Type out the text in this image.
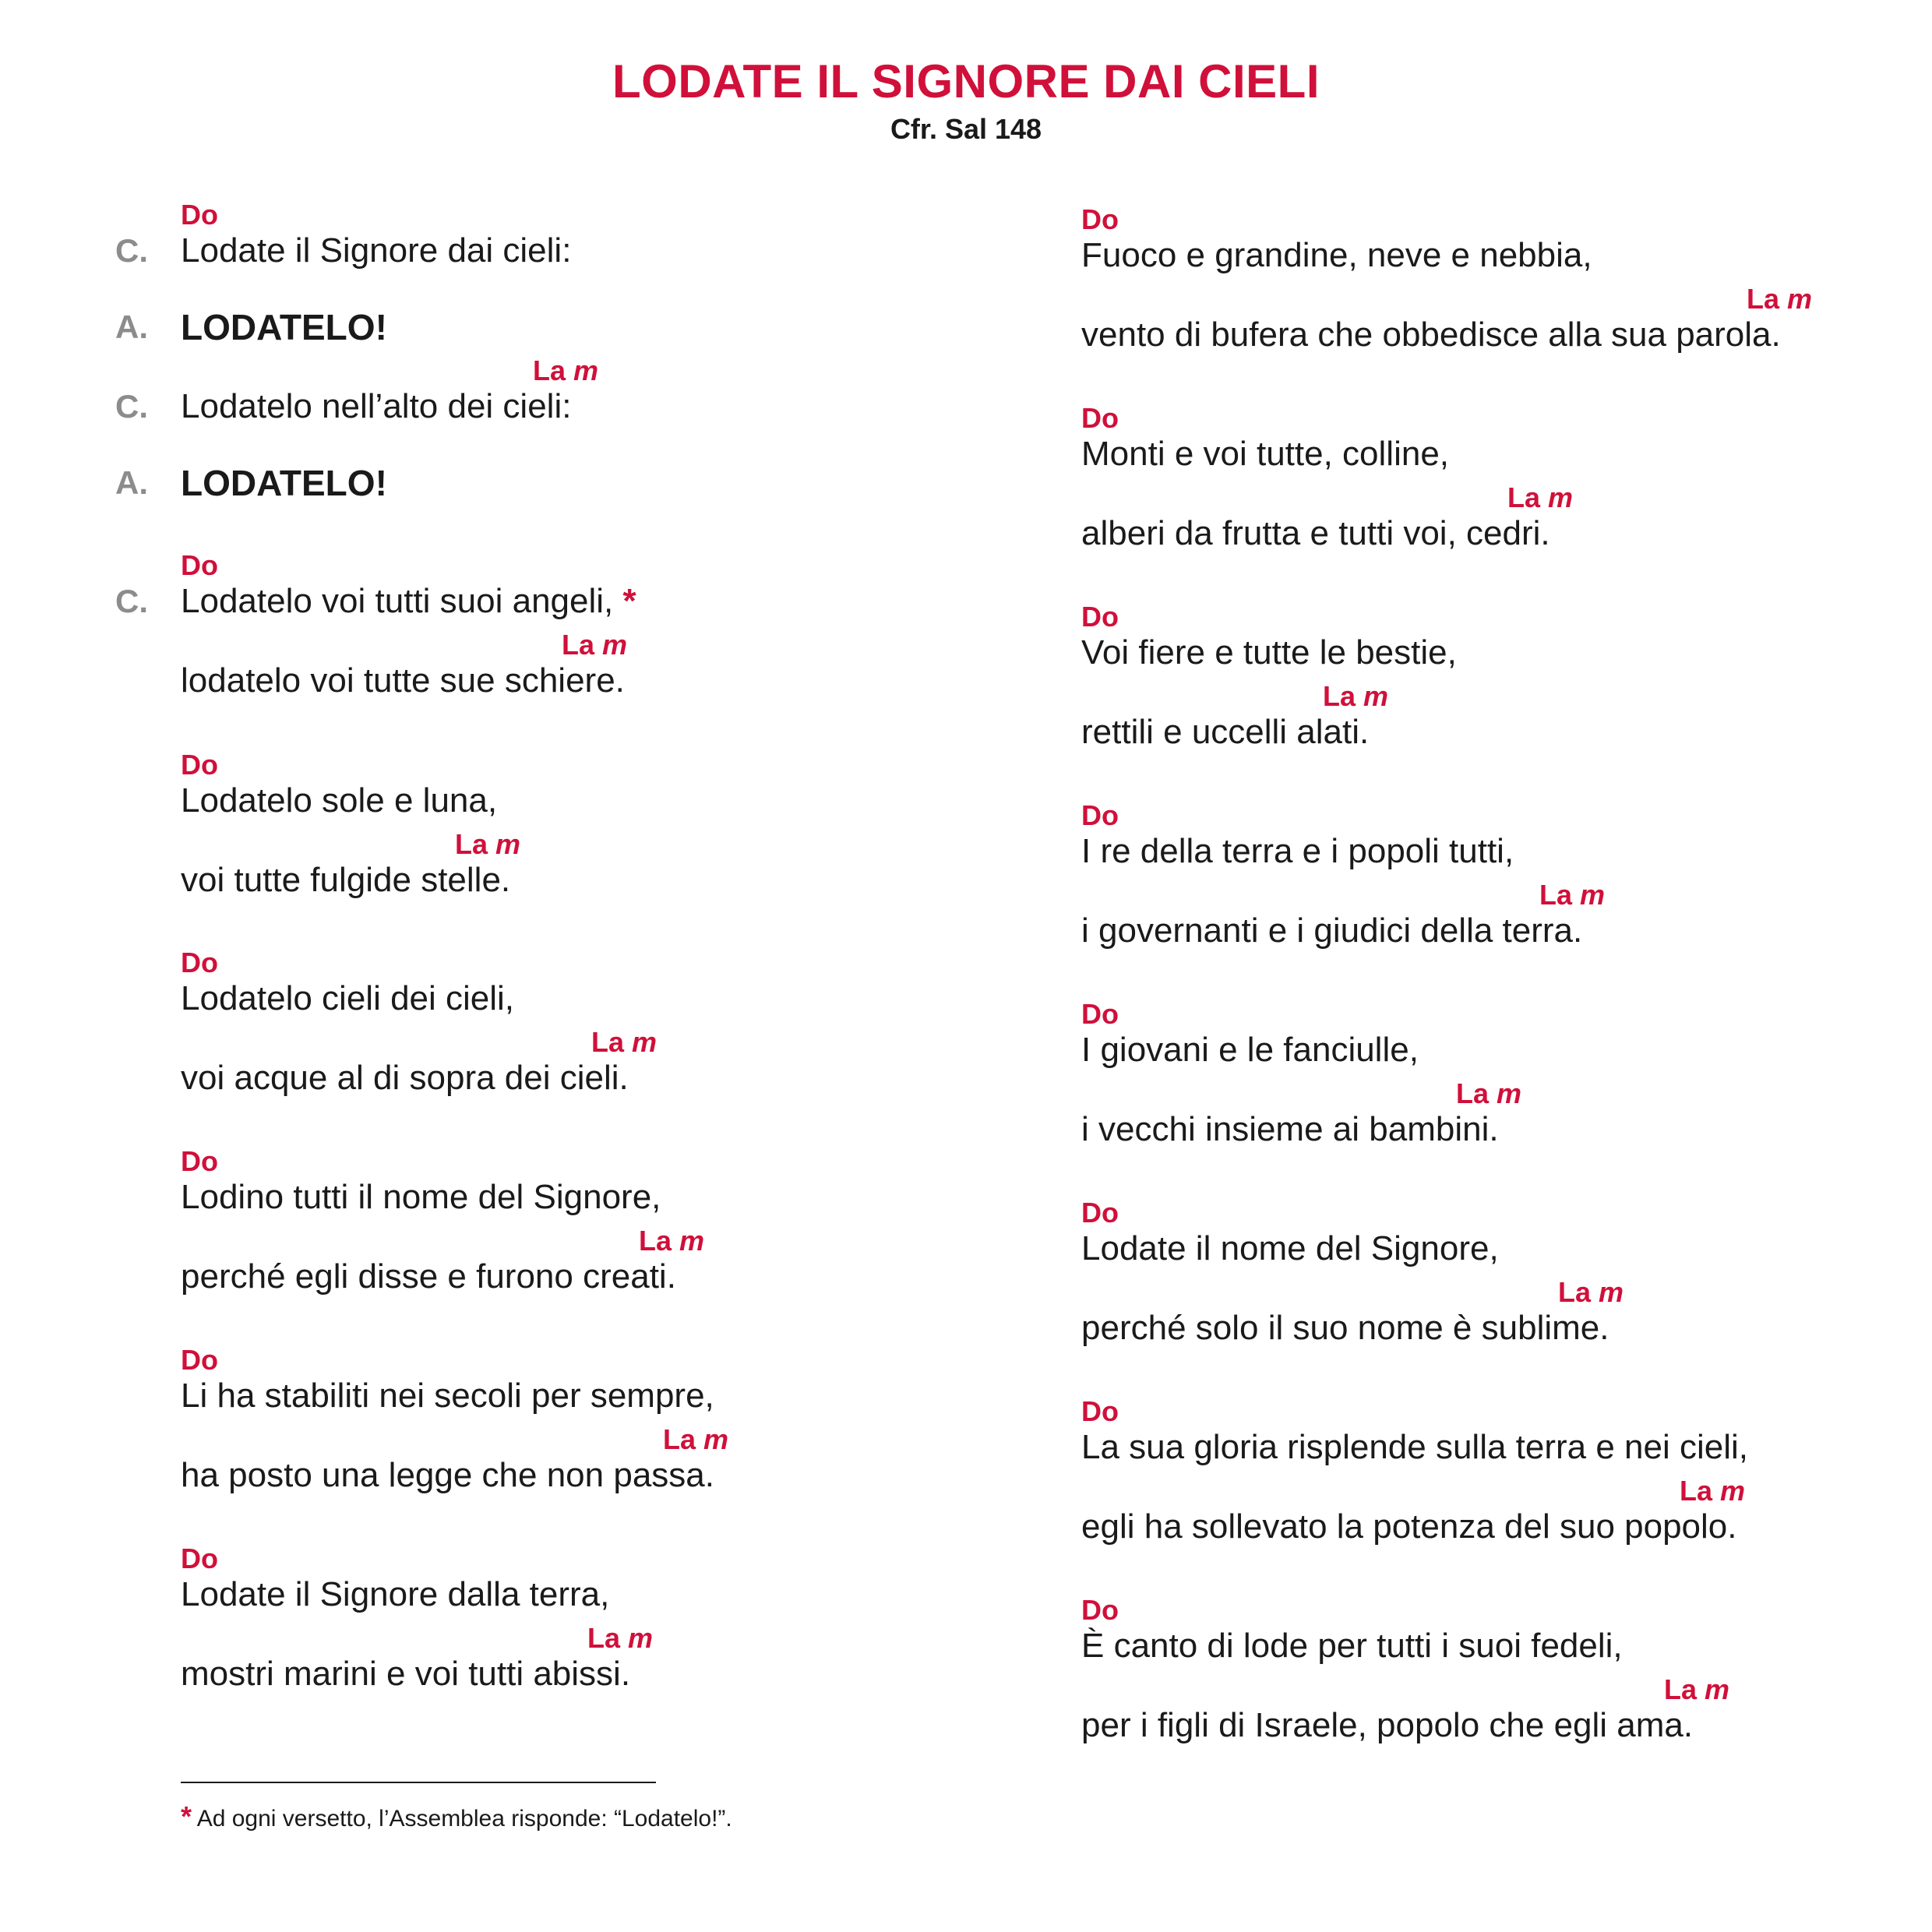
LODATE IL SIGNORE DAI CIELI
Cfr. Sal 148
Do
C. Lodate il Signore dai cieli:
A. LODATELO!
La m
C. Lodatelo nell’alto dei cieli:
A. LODATELO!
Do
C. Lodatelo voi tutti suoi angeli, *
La m
lodatelo voi tutte sue schiere.
Do
Lodatelo sole e luna,
La m
voi tutte fulgide stelle.
Do
Lodatelo cieli dei cieli,
La m
voi acque al di sopra dei cieli.
Do
Lodino tutti il nome del Signore,
La m
perché egli disse e furono creati.
Do
Li ha stabiliti nei secoli per sempre,
La m
ha posto una legge che non passa.
Do
Lodate il Signore dalla terra,
La m
mostri marini e voi tutti abissi.
Do
Fuoco e grandine, neve e nebbia,
La m
vento di bufera che obbedisce alla sua parola.
Do
Monti e voi tutte, colline,
La m
alberi da frutta e tutti voi, cedri.
Do
Voi fiere e tutte le bestie,
La m
rettili e uccelli alati.
Do
I re della terra e i popoli tutti,
La m
i governanti e i giudici della terra.
Do
I giovani e le fanciulle,
La m
i vecchi insieme ai bambini.
Do
Lodate il nome del Signore,
La m
perché solo il suo nome è sublime.
Do
La sua gloria risplende sulla terra e nei cieli,
La m
egli ha sollevato la potenza del suo popolo.
Do
È canto di lode per tutti i suoi fedeli,
La m
per i figli di Israele, popolo che egli ama.
* Ad ogni versetto, l’Assemblea risponde: “Lodatelo!”.
